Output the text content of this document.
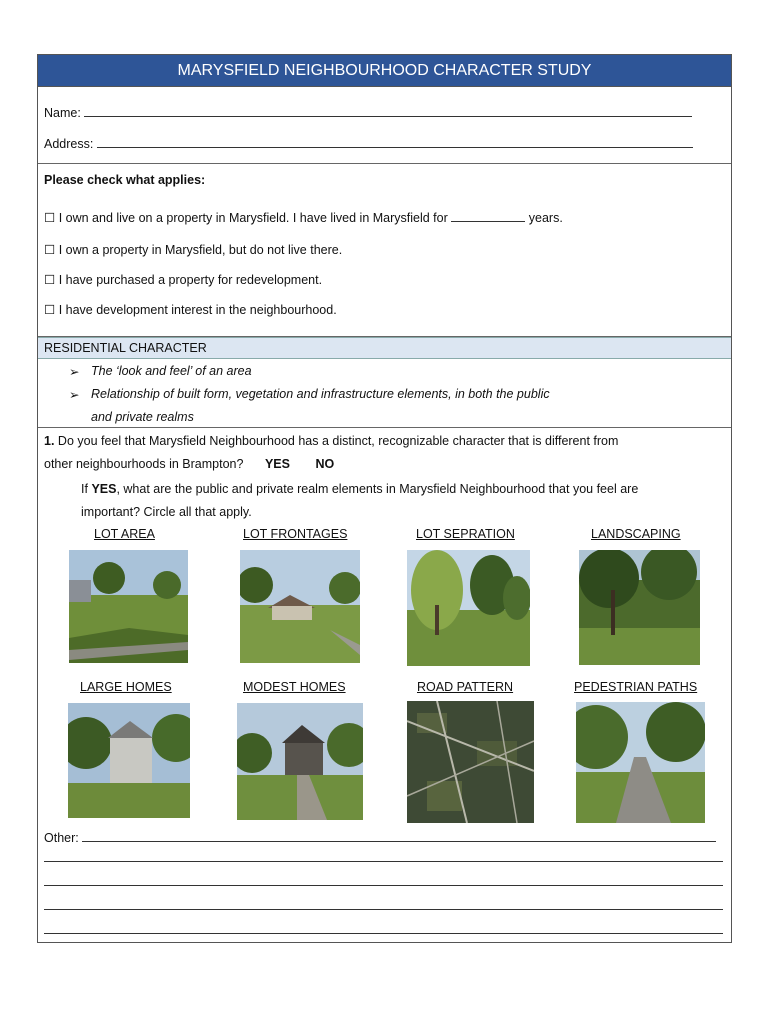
MARYSFIELD NEIGHBOURHOOD CHARACTER STUDY
Name:
Address:
Please check what applies:
☐ I own and live on a property in Marysfield. I have lived in Marysfield for	years.
☐ I own a property in Marysfield, but do not live there.
☐ I have purchased a property for redevelopment.
☐ I have development interest in the neighbourhood.
RESIDENTIAL CHARACTER
➢ The ‘look and feel’ of an area
➢ Relationship of built form, vegetation and infrastructure elements, in both the public
and private realms
1. Do you feel that Marysfield Neighbourhood has a distinct, recognizable character that is different from
other neighbourhoods in Brampton? YES NO
If YES, what are the public and private realm elements in Marysfield Neighbourhood that you feel are
important? Circle all that apply.
LOT AREA	LOT FRONTAGES	LOT SEPRATION	LANDSCAPING
LARGE HOMES	MODEST HOMES	ROAD PATTERN	PEDESTRIAN PATHS
Other:
